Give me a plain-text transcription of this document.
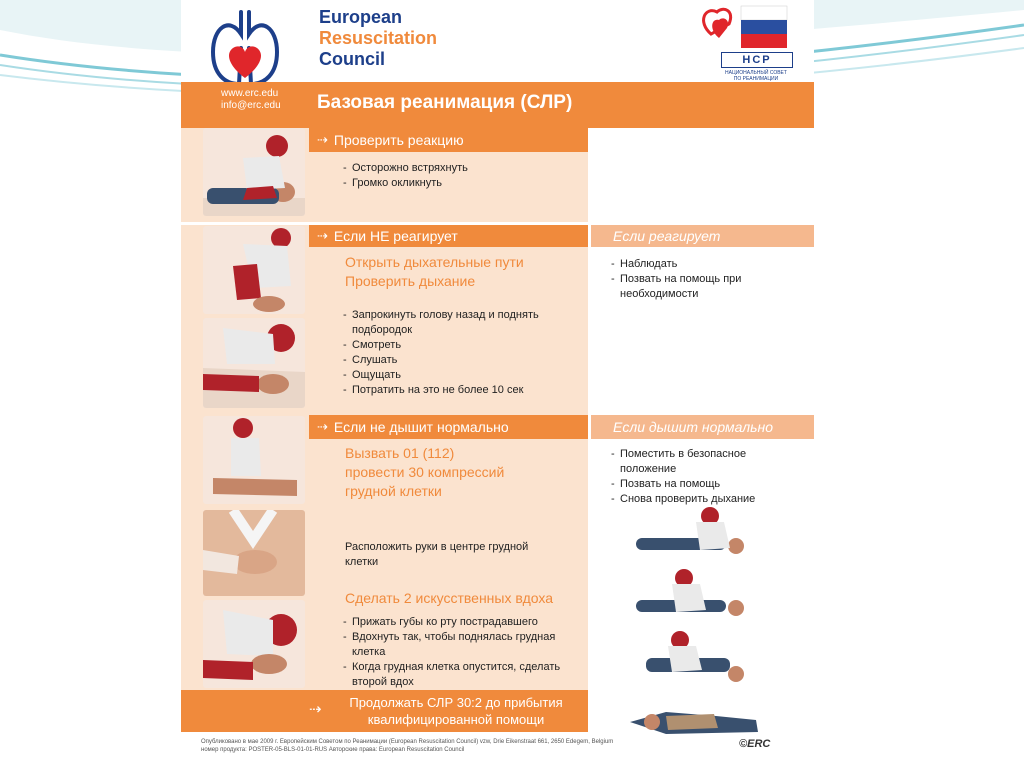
European
Resuscitation
Council	НСР
НАЦИОНАЛЬНЫЙ СОВЕТ
ПО РЕАНИМАЦИИ
www.erc.edu
info@erc.edu Базовая реанимация (СЛР)
⇢ Проверить реакцию
- Осторожно встряхнуть
- Громко окликнуть
⇢ Если НЕ реагирует	Если реагирует
Открыть дыхательные пути
Проверить дыхание
- Запрокинуть голову назад и поднять подбородок
- Смотреть
- Слушать
- Ощущать
- Потратить на это не более 10 сек
- Наблюдать
- Позвать на помощь при необходимости
⇢ Если не дышит нормально	Если дышит нормально
Вызвать 01 (112)
провести 30 компрессий
грудной клетки
Расположить руки в центре грудной
клетки
Сделать 2 искусственных вдоха
- Прижать губы ко рту пострадавшего
- Вдохнуть так, чтобы поднялась грудная клетка
- Когда грудная клетка опустится, сделать второй вдох
- Поместить в безопасное положение
- Позвать на помощь
- Снова проверить дыхание
⇢	Продолжать СЛР 30:2 до прибытия
квалифицированной помощи
Опубликовано в мае 2009 г. Европейским Советом по Реанимации (European Resuscitation Council) vzw, Drie Eikenstraat 661, 2650 Edegem, Belgium
номер продукта: POSTER-05-BLS-01-01-RUS Авторские права: European Resuscitation Council	©ERC
